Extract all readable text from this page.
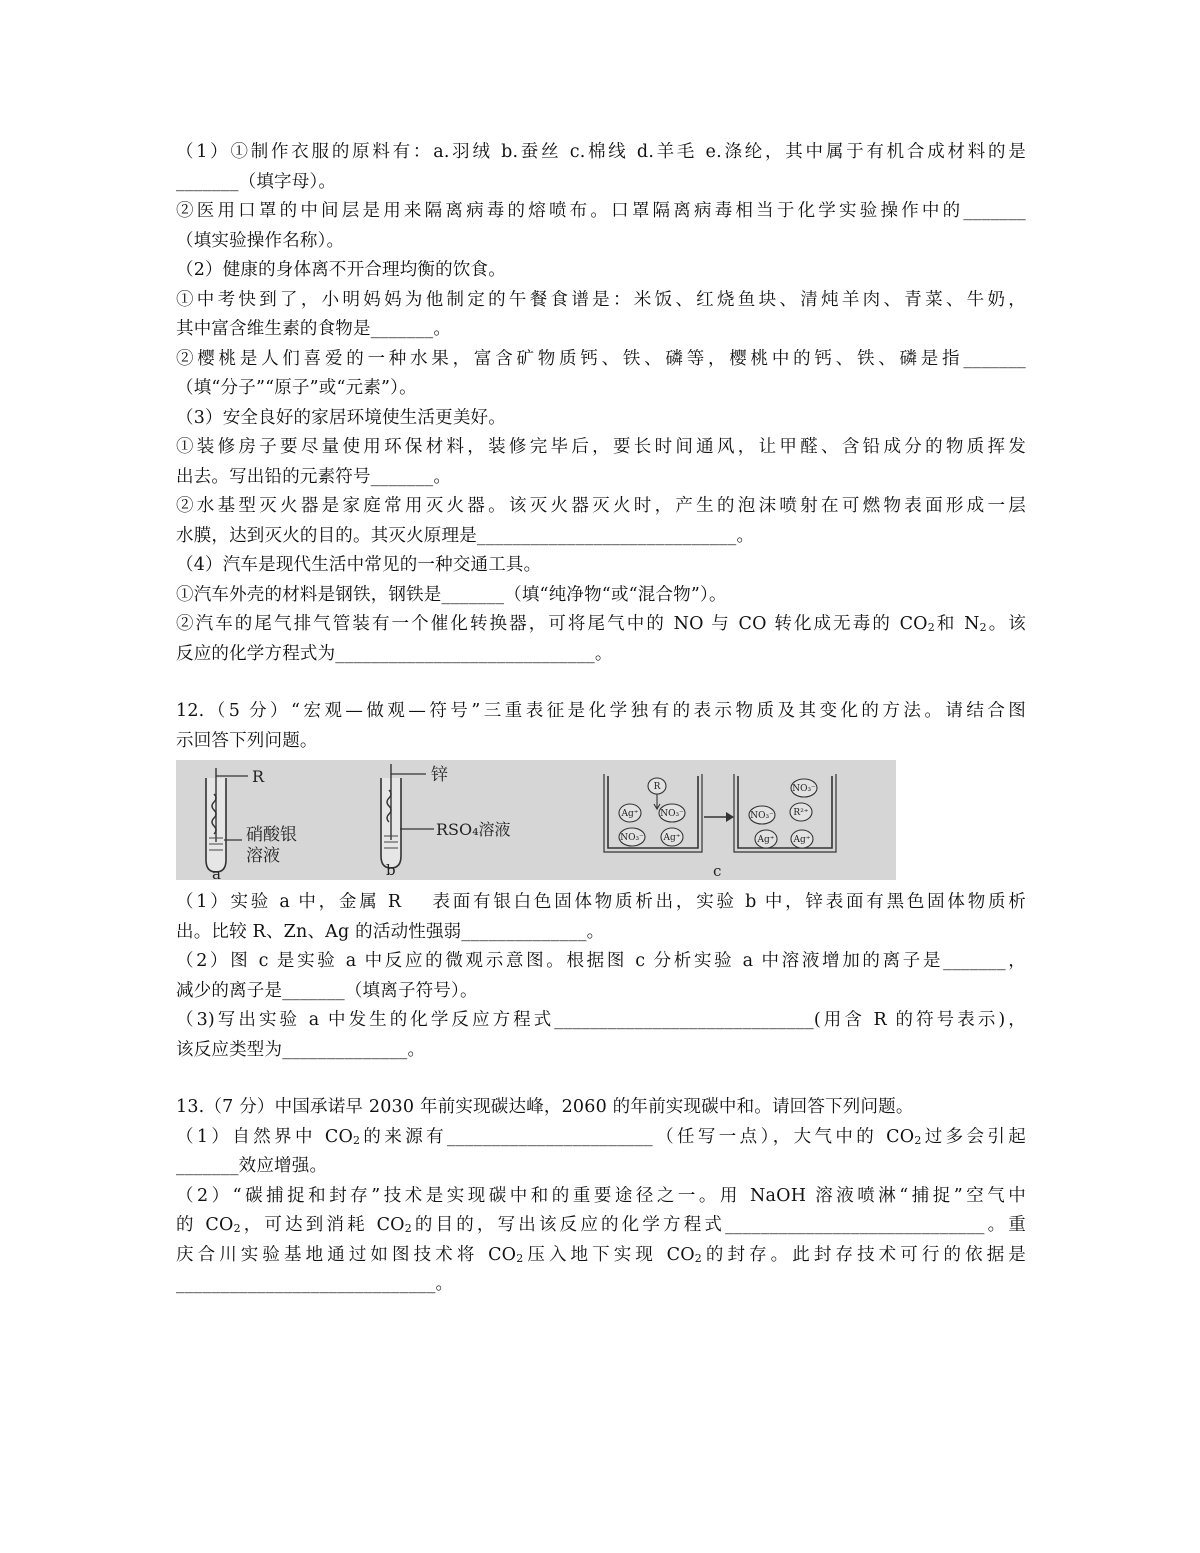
（1）①制作衣服的原料有：a.羽绒 b.蚕丝 c.棉线 d.羊毛 e.涤纶，其中属于有机合成材料的是
_______（填字母）。
②医用口罩的中间层是用来隔离病毒的熔喷布。口罩隔离病毒相当于化学实验操作中的_______
（填实验操作名称）。
（2）健康的身体离不开合理均衡的饮食。
①中考快到了，小明妈妈为他制定的午餐食谱是：米饭、红烧鱼块、清炖羊肉、青菜、牛奶，
其中富含维生素的食物是_______。
②樱桃是人们喜爱的一种水果，富含矿物质钙、铁、磷等，樱桃中的钙、铁、磷是指_______
（填“分子”“原子”或“元素”）。
（3）安全良好的家居环境使生活更美好。
①装修房子要尽量使用环保材料，装修完毕后，要长时间通风，让甲醛、含铅成分的物质挥发
出去。写出铅的元素符号_______。
②水基型灭火器是家庭常用灭火器。该灭火器灭火时，产生的泡沫喷射在可燃物表面形成一层
水膜，达到灭火的目的。其灭火原理是_____________________________。
（4）汽车是现代生活中常见的一种交通工具。
①汽车外壳的材料是钢铁，钢铁是_______（填“纯净物“或“混合物”）。
②汽车的尾气排气管装有一个催化转换器，可将尾气中的 NO 与 CO 转化成无毒的 $CO_2$和 $N_2$。该
反应的化学方程式为_____________________________。
12.（5 分）“宏观—做观—符号”三重表征是化学独有的表示物质及其变化的方法。请结合图
示回答下列问题。
R
硝酸银
溶液
a
锌
RSO₄溶液
b
R
Ag⁺ NO₃⁻
NO₃⁻ Ag⁺
NO₃⁻
NO₃⁻ R²⁺
Ag⁺ Ag⁺
c
（1）实验 a 中，金属 R　 表面有银白色固体物质析出，实验 b 中，锌表面有黑色固体物质析
出。比较 R、Zn、Ag 的活动性强弱______________。
（2）图 c 是实验 a 中反应的微观示意图。根据图 c 分析实验 a 中溶液增加的离子是_______，
减少的离子是_______（填离子符号）。
（3)写出实验 a 中发生的化学反应方程式_____________________________(用含 R 的符号表示)，
该反应类型为______________。
13.（7 分）中国承诺早 2030 年前实现碳达峰，2060 的年前实现碳中和。请回答下列问题。
（1）自然界中 $CO_2$的来源有_______________________（任写一点），大气中的 $CO_2$过多会引起
_______效应增强。
（2）“碳捕捉和封存”技术是实现碳中和的重要途径之一。用 NaOH 溶液喷淋“捕捉”空气中
的 $CO_2$，可达到消耗 $CO_2$的目的，写出该反应的化学方程式_____________________________。重
庆合川实验基地通过如图技术将 $CO_2$压入地下实现 $CO_2$的封存。此封存技术可行的依据是
_____________________________。
